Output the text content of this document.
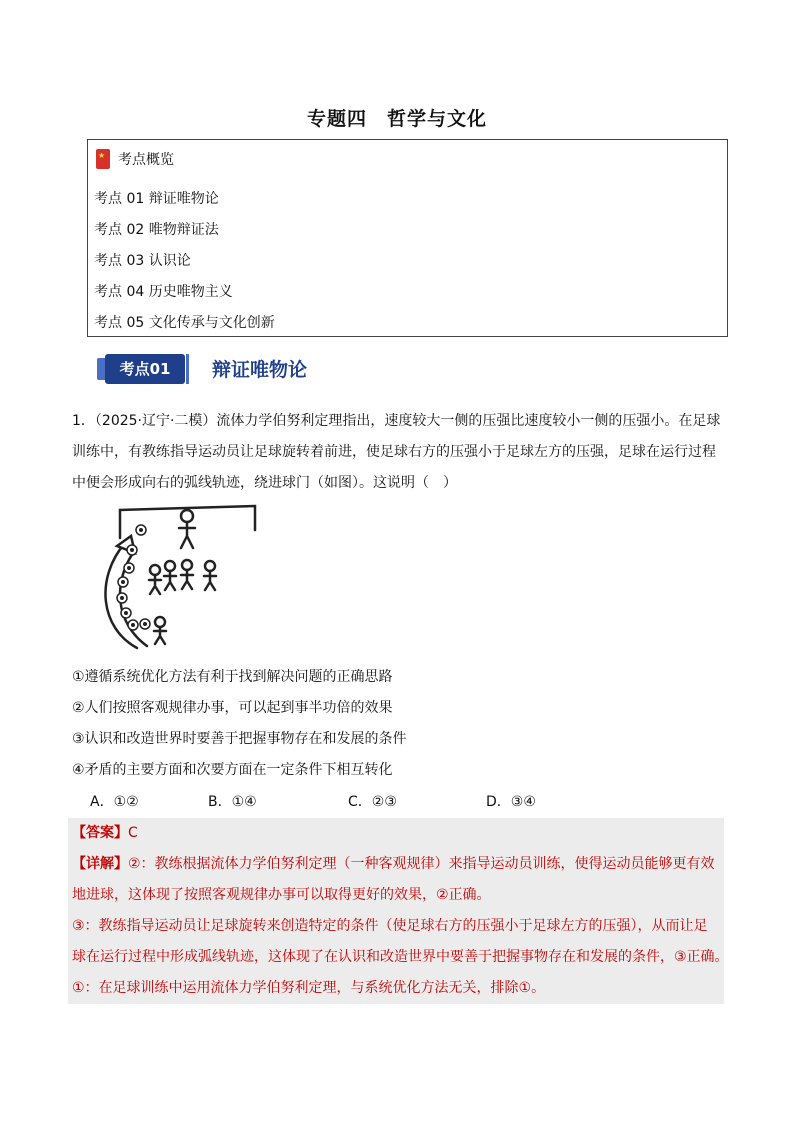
专题四　哲学与文化
★
考点概览
考点 01 辩证唯物论
考点 02 唯物辩证法
考点 03 认识论
考点 04 历史唯物主义
考点 05 文化传承与文化创新
考点01	辩证唯物论

1．（2025·辽宁·二模）流体力学伯努利定理指出，速度较大一侧的压强比速度较小一侧的压强小。在足球

训练中，有教练指导运动员让足球旋转着前进，使足球右方的压强小于足球左方的压强，足球在运行过程

中便会形成向右的弧线轨迹，绕进球门（如图）。这说明（　）

①遵循系统优化方法有利于找到解决问题的正确思路
②人们按照客观规律办事，可以起到事半功倍的效果
③认识和改造世界时要善于把握事物存在和发展的条件
④矛盾的主要方面和次要方面在一定条件下相互转化
A．①②	B．①④	C．②③	D．③④
【答案】C
【详解】②：教练根据流体力学伯努利定理（一种客观规律）来指导运动员训练，使得运动员能够更有效
地进球，这体现了按照客观规律办事可以取得更好的效果，②正确。
③：教练指导运动员让足球旋转来创造特定的条件（使足球右方的压强小于足球左方的压强），从而让足
球在运行过程中形成弧线轨迹，这体现了在认识和改造世界中要善于把握事物存在和发展的条件，③正确。
①：在足球训练中运用流体力学伯努利定理，与系统优化方法无关，排除①。
